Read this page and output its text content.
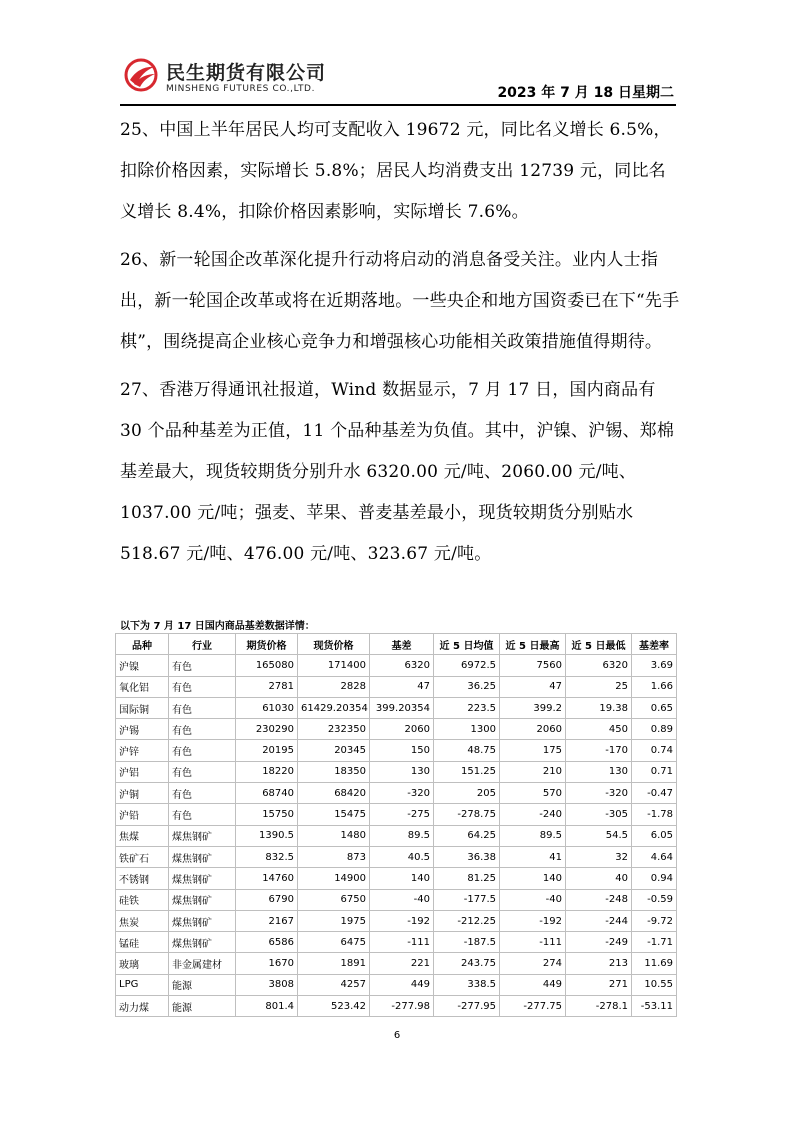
民生期货有限公司
MINSHENG FUTURES CO.,LTD.	2023 年 7 月 18 日星期二

25、中国上半年居民人均可支配收入 19672 元，同比名义增长 6.5%，扣除价格因素，实际增长 5.8%；居民人均消费支出 12739 元，同比名义增长 8.4%，扣除价格因素影响，实际增长 7.6%。

26、新一轮国企改革深化提升行动将启动的消息备受关注。业内人士指出，新一轮国企改革或将在近期落地。一些央企和地方国资委已在下“先手棋”，围绕提高企业核心竞争力和增强核心功能相关政策措施值得期待。

27、香港万得通讯社报道，Wind 数据显示，7 月 17 日，国内商品有 30 个品种基差为正值，11 个品种基差为负值。其中，沪镍、沪锡、郑棉基差最大，现货较期货分别升水 6320.00 元/吨、2060.00 元/吨、1037.00 元/吨；强麦、苹果、普麦基差最小，现货较期货分别贴水 518.67 元/吨、476.00 元/吨、323.67 元/吨。

以下为 7 月 17 日国内商品基差数据详情：
品种	行业	期货价格	现货价格	基差	近 5 日均值	近 5 日最高	近 5 日最低	基差率
沪镍	有色	165080	171400	6320	6972.5	7560	6320	3.69
氧化铝	有色	2781	2828	47	36.25	47	25	1.66
国际铜	有色	61030	61429.20354	399.20354	223.5	399.2	19.38	0.65
沪锡	有色	230290	232350	2060	1300	2060	450	0.89
沪锌	有色	20195	20345	150	48.75	175	-170	0.74
沪铝	有色	18220	18350	130	151.25	210	130	0.71
沪铜	有色	68740	68420	-320	205	570	-320	-0.47
沪铅	有色	15750	15475	-275	-278.75	-240	-305	-1.78
焦煤	煤焦钢矿	1390.5	1480	89.5	64.25	89.5	54.5	6.05
铁矿石	煤焦钢矿	832.5	873	40.5	36.38	41	32	4.64
不锈钢	煤焦钢矿	14760	14900	140	81.25	140	40	0.94
硅铁	煤焦钢矿	6790	6750	-40	-177.5	-40	-248	-0.59
焦炭	煤焦钢矿	2167	1975	-192	-212.25	-192	-244	-9.72
锰硅	煤焦钢矿	6586	6475	-111	-187.5	-111	-249	-1.71
玻璃	非金属建材	1670	1891	221	243.75	274	213	11.69
LPG	能源	3808	4257	449	338.5	449	271	10.55
动力煤	能源	801.4	523.42	-277.98	-277.95	-277.75	-278.1	-53.11
6
